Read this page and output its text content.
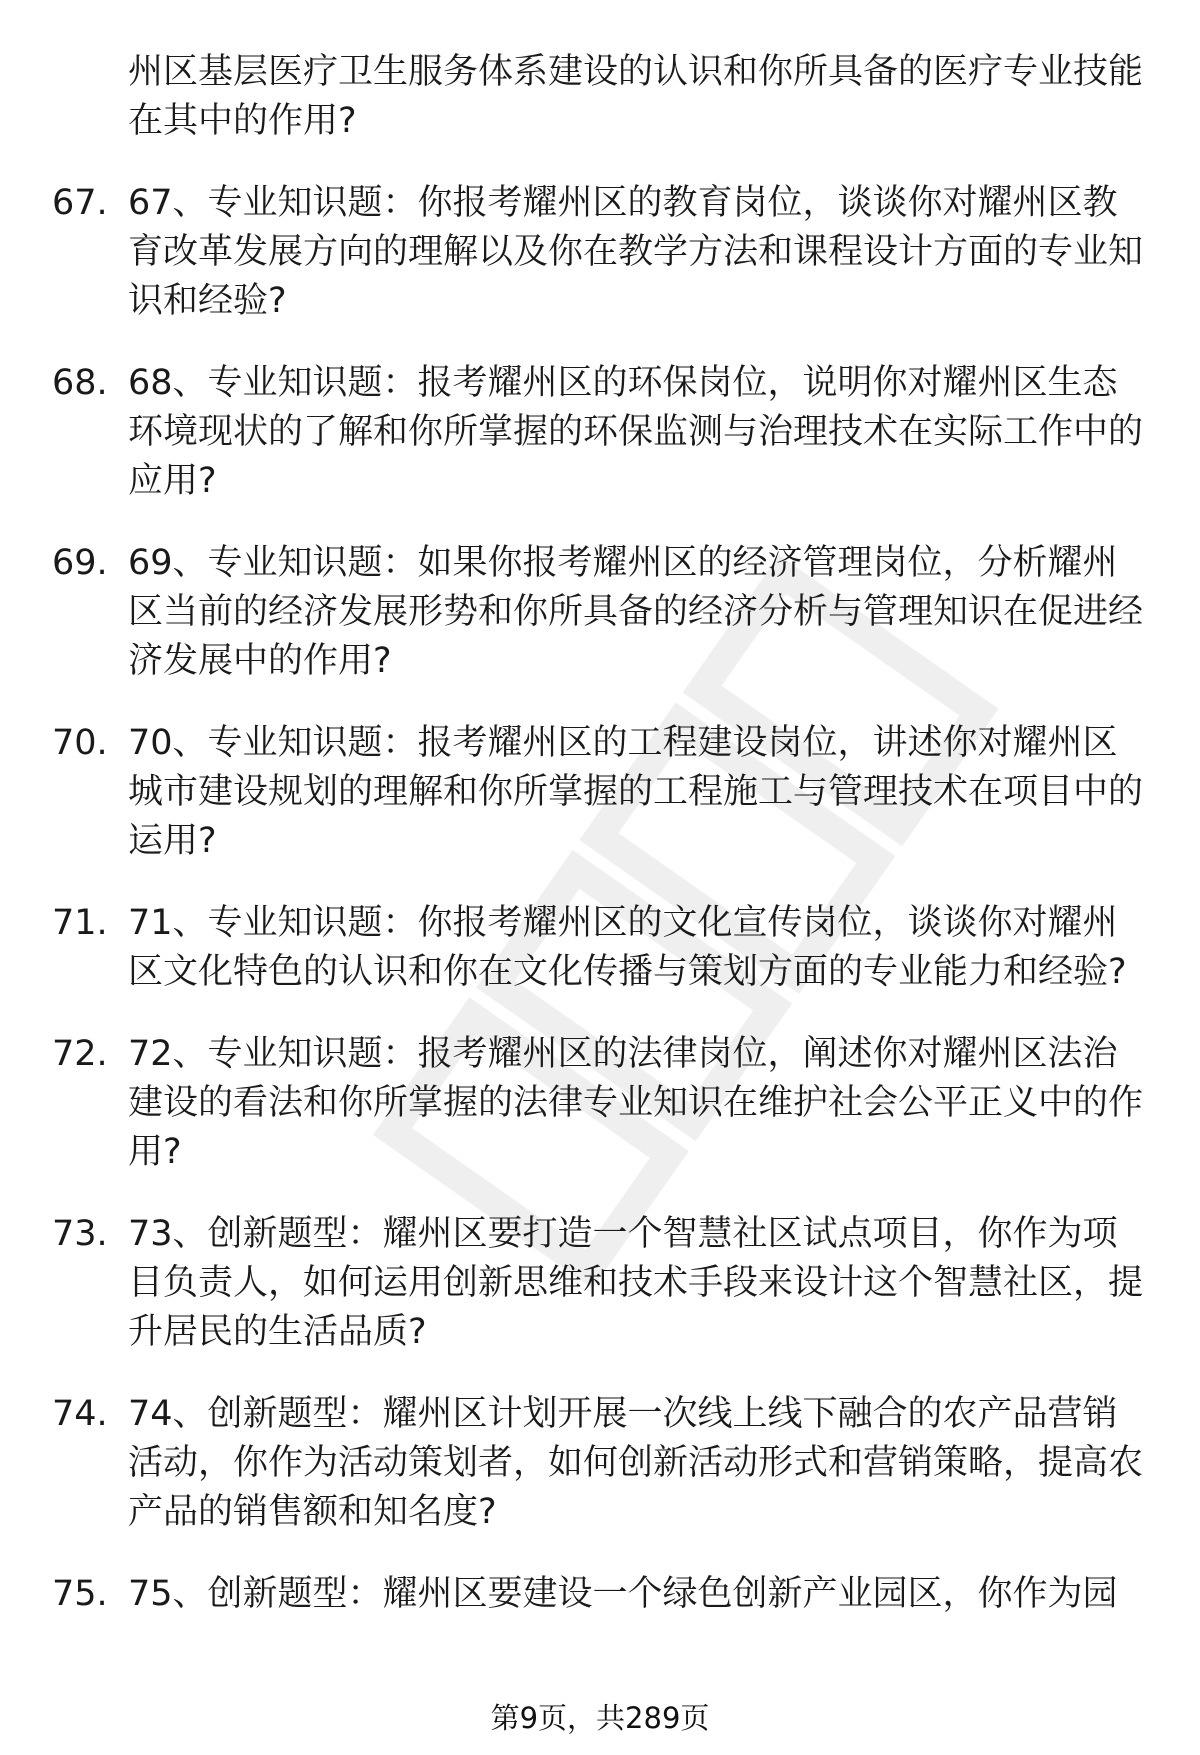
州区基层医疗卫生服务体系建设的认识和你所具备的医疗专业技能在其中的作用?
67. 67、专业知识题：你报考耀州区的教育岗位，谈谈你对耀州区教育改革发展方向的理解以及你在教学方法和课程设计方面的专业知识和经验?
68. 68、专业知识题：报考耀州区的环保岗位，说明你对耀州区生态环境现状的了解和你所掌握的环保监测与治理技术在实际工作中的应用?
69. 69、专业知识题：如果你报考耀州区的经济管理岗位，分析耀州区当前的经济发展形势和你所具备的经济分析与管理知识在促进经济发展中的作用?
70. 70、专业知识题：报考耀州区的工程建设岗位，讲述你对耀州区城市建设规划的理解和你所掌握的工程施工与管理技术在项目中的运用?
71. 71、专业知识题：你报考耀州区的文化宣传岗位，谈谈你对耀州区文化特色的认识和你在文化传播与策划方面的专业能力和经验?
72. 72、专业知识题：报考耀州区的法律岗位，阐述你对耀州区法治建设的看法和你所掌握的法律专业知识在维护社会公平正义中的作用?
73. 73、创新题型：耀州区要打造一个智慧社区试点项目，你作为项目负责人，如何运用创新思维和技术手段来设计这个智慧社区，提升居民的生活品质?
74. 74、创新题型：耀州区计划开展一次线上线下融合的农产品营销活动，你作为活动策划者，如何创新活动形式和营销策略，提高农产品的销售额和知名度?
75. 75、创新题型：耀州区要建设一个绿色创新产业园区，你作为园
第9页，共289页
